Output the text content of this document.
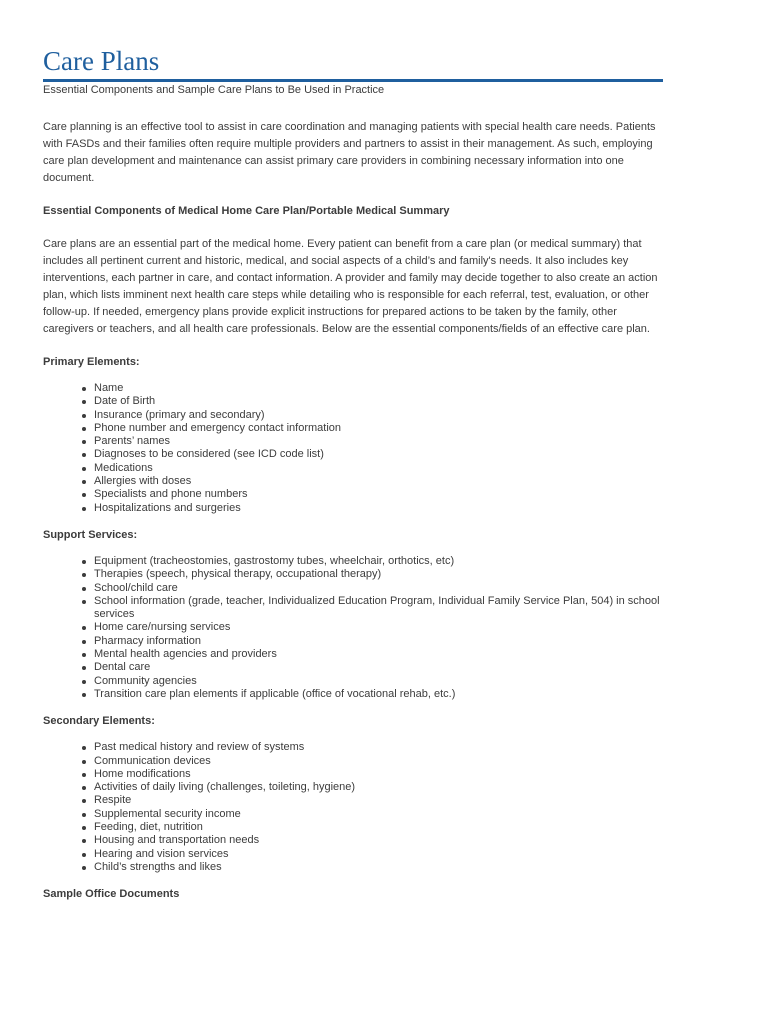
Care Plans
Essential Components and Sample Care Plans to Be Used in Practice

Care planning is an effective tool to assist in care coordination and managing patients with special health care needs. Patients with FASDs and their families often require multiple providers and partners to assist in their management. As such, employing care plan development and maintenance can assist primary care providers in combining necessary information into one document.

Essential Components of Medical Home Care Plan/Portable Medical Summary

Care plans are an essential part of the medical home. Every patient can benefit from a care plan (or medical summary) that includes all pertinent current and historic, medical, and social aspects of a child’s and family's needs. It also includes key interventions, each partner in care, and contact information. A provider and family may decide together to also create an action plan, which lists imminent next health care steps while detailing who is responsible for each referral, test, evaluation, or other follow-up. If needed, emergency plans provide explicit instructions for prepared actions to be taken by the family, other caregivers or teachers, and all health care professionals. Below are the essential components/fields of an effective care plan.

Primary Elements:

Name
Date of Birth
Insurance (primary and secondary)
Phone number and emergency contact information
Parents’ names
Diagnoses to be considered (see ICD code list)
Medications
Allergies with doses
Specialists and phone numbers
Hospitalizations and surgeries

Support Services:

Equipment (tracheostomies, gastrostomy tubes, wheelchair, orthotics, etc)
Therapies (speech, physical therapy, occupational therapy)
School/child care
School information (grade, teacher, Individualized Education Program, Individual Family Service Plan, 504) in school services
Home care/nursing services
Pharmacy information
Mental health agencies and providers
Dental care
Community agencies
Transition care plan elements if applicable (office of vocational rehab, etc.)

Secondary Elements:

Past medical history and review of systems
Communication devices
Home modifications
Activities of daily living (challenges, toileting, hygiene)
Respite
Supplemental security income
Feeding, diet, nutrition
Housing and transportation needs
Hearing and vision services
Child’s strengths and likes

Sample Office Documents
